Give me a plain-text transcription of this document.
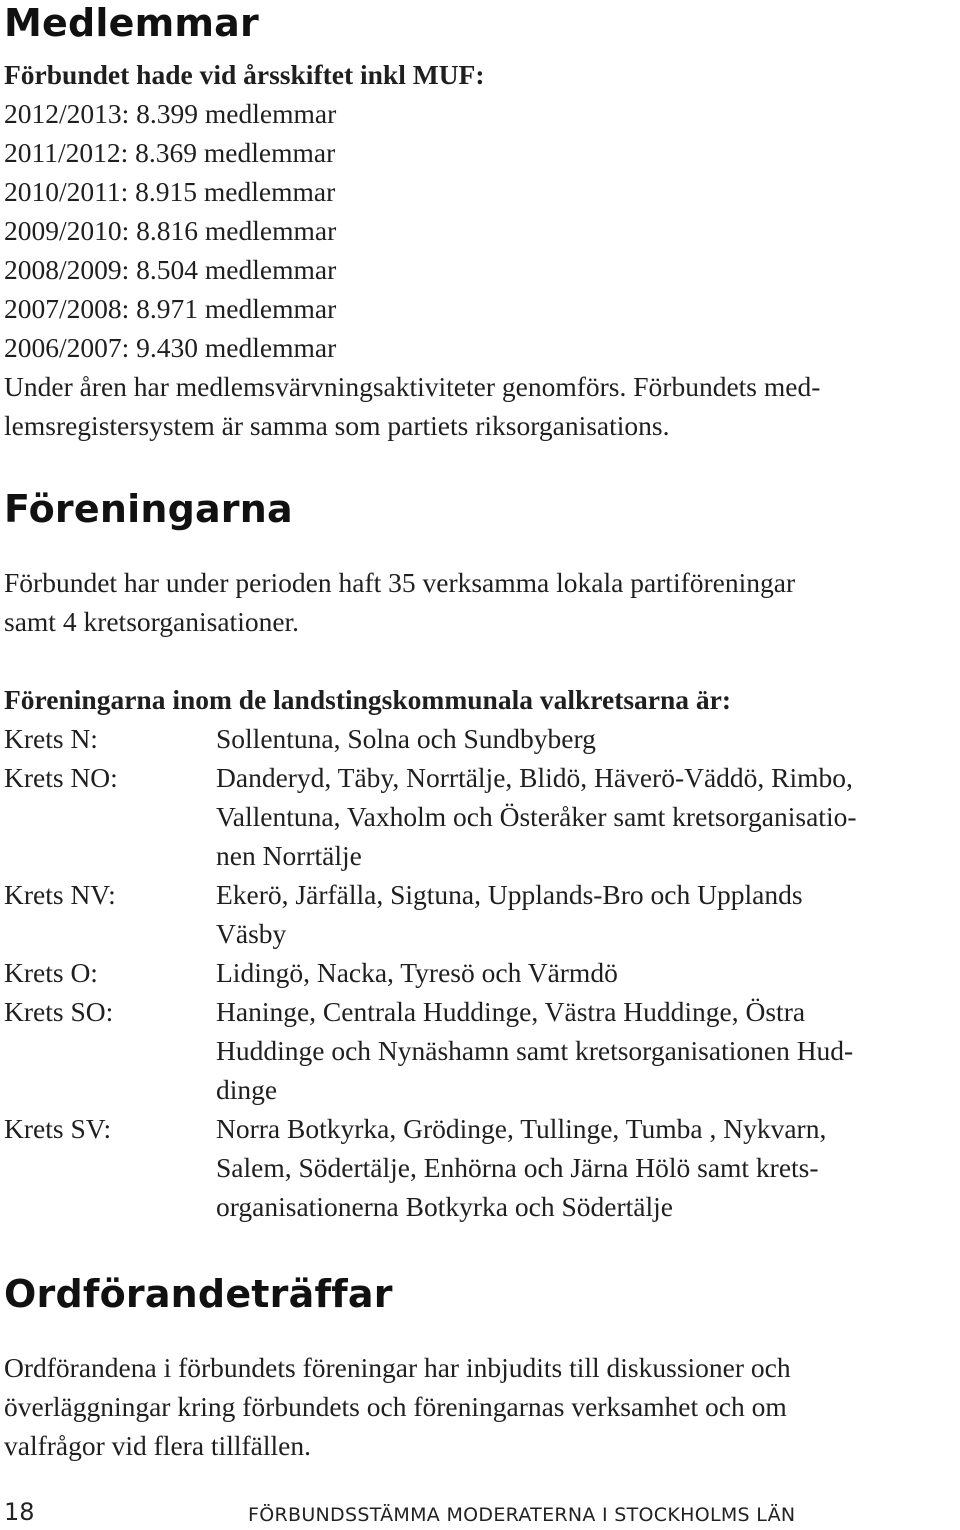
Medlemmar
Förbundet hade vid årsskiftet inkl MUF:
2012/2013: 8.399 medlemmar
2011/2012: 8.369 medlemmar
2010/2011: 8.915 medlemmar
2009/2010: 8.816 medlemmar
2008/2009: 8.504 medlemmar
2007/2008: 8.971 medlemmar
2006/2007: 9.430 medlemmar
Under åren har medlemsvärvningsaktiviteter genomförs. Förbundets med-
lemsregistersystem är samma som partiets riksorganisations.
Föreningarna
Förbundet har under perioden haft 35 verksamma lokala partiföreningar
samt 4 kretsorganisationer.
Föreningarna inom de landstingskommunala valkretsarna är:
Krets N:	Sollentuna, Solna och Sundbyberg
Krets NO:	Danderyd, Täby, Norrtälje, Blidö, Häverö-Väddö, Rimbo,
Vallentuna, Vaxholm och Österåker samt kretsorganisatio-
nen Norrtälje
Krets NV:	Ekerö, Järfälla, Sigtuna, Upplands-Bro och Upplands
Väsby
Krets O:	Lidingö, Nacka, Tyresö och Värmdö
Krets SO:	Haninge, Centrala Huddinge, Västra Huddinge, Östra
Huddinge och Nynäshamn samt kretsorganisationen Hud-
dinge
Krets SV:	Norra Botkyrka, Grödinge, Tullinge, Tumba , Nykvarn,
Salem, Södertälje, Enhörna och Järna Hölö samt krets-
organisationerna Botkyrka och Södertälje
Ordförandeträffar
Ordförandena i förbundets föreningar har inbjudits till diskussioner och
överläggningar kring förbundets och föreningarnas verksamhet och om
valfrågor vid flera tillfällen.
18	FÖRBUNDSSTÄMMA MODERATERNA I STOCKHOLMS LÄN
